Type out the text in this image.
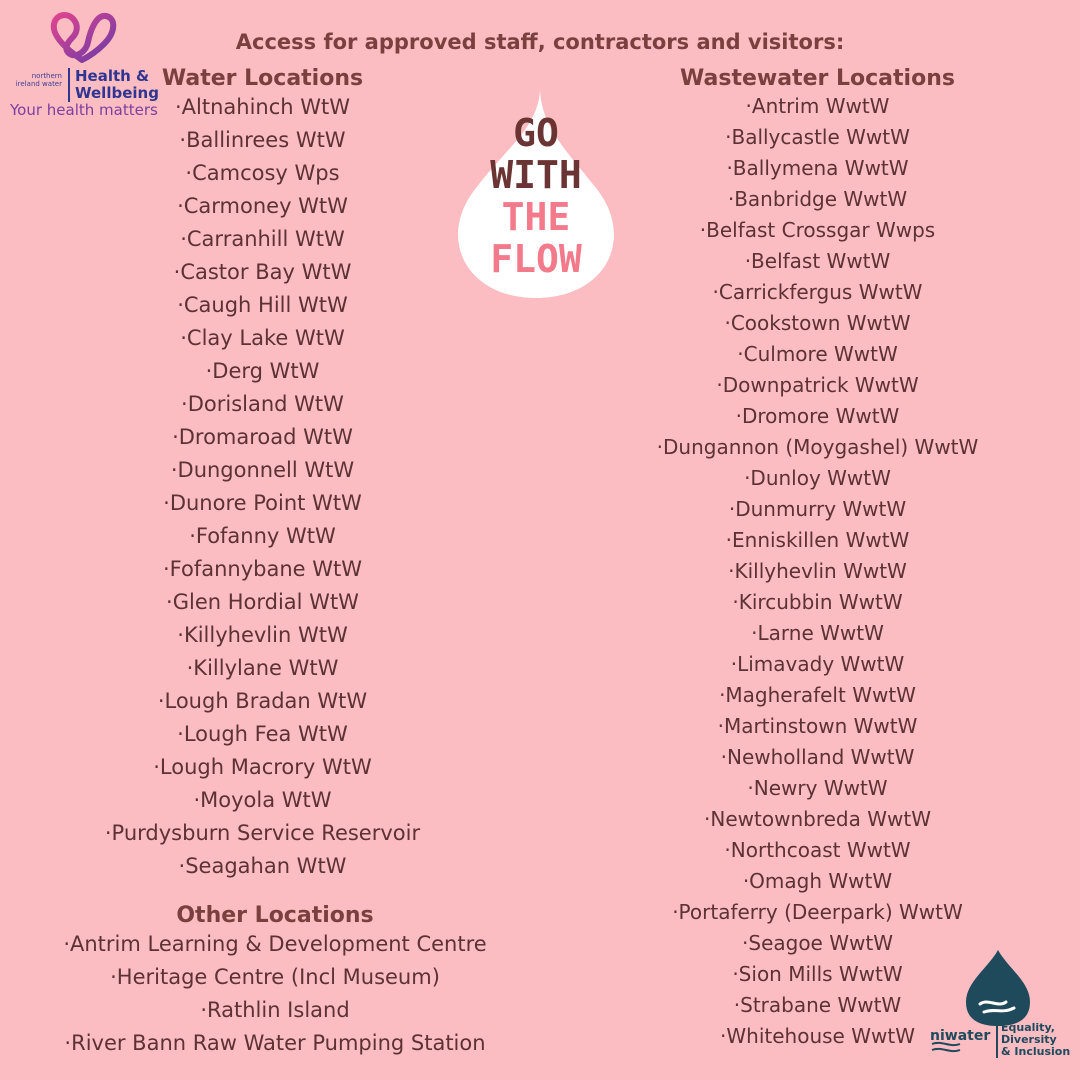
Access for approved staff, contractors and visitors:
northern ireland water Health &
Wellbeing
Your health matters

Water Locations

·Altnahinch WtW
·Ballinrees WtW
·Camcosy Wps
·Carmoney WtW
·Carranhill WtW
·Castor Bay WtW
·Caugh Hill WtW
·Clay Lake WtW
·Derg WtW
·Dorisland WtW
·Dromaroad WtW
·Dungonnell WtW
·Dunore Point WtW
·Fofanny WtW
·Fofannybane WtW
·Glen Hordial WtW
·Killyhevlin WtW
·Killylane WtW
·Lough Bradan WtW
·Lough Fea WtW
·Lough Macrory WtW
·Moyola WtW
·Purdysburn Service Reservoir
·Seagahan WtW

Other Locations

·Antrim Learning & Development Centre
·Heritage Centre (Incl Museum)
·Rathlin Island
·River Bann Raw Water Pumping Station

Wastewater Locations

·Antrim WwtW
·Ballycastle WwtW
·Ballymena WwtW
·Banbridge WwtW
·Belfast Crossgar Wwps
·Belfast WwtW
·Carrickfergus WwtW
·Cookstown WwtW
·Culmore WwtW
·Downpatrick WwtW
·Dromore WwtW
·Dungannon (Moygashel) WwtW
·Dunloy WwtW
·Dunmurry WwtW
·Enniskillen WwtW
·Killyhevlin WwtW
·Kircubbin WwtW
·Larne WwtW
·Limavady WwtW
·Magherafelt WwtW
·Martinstown WwtW
·Newholland WwtW
·Newry WwtW
·Newtownbreda WwtW
·Northcoast WwtW
·Omagh WwtW
·Portaferry (Deerpark) WwtW
·Seagoe WwtW
·Sion Mills WwtW
·Strabane WwtW
·Whitehouse WwtW
GO
WITH
THE
FLOW
niwater
Equality,
Diversity
& Inclusion
